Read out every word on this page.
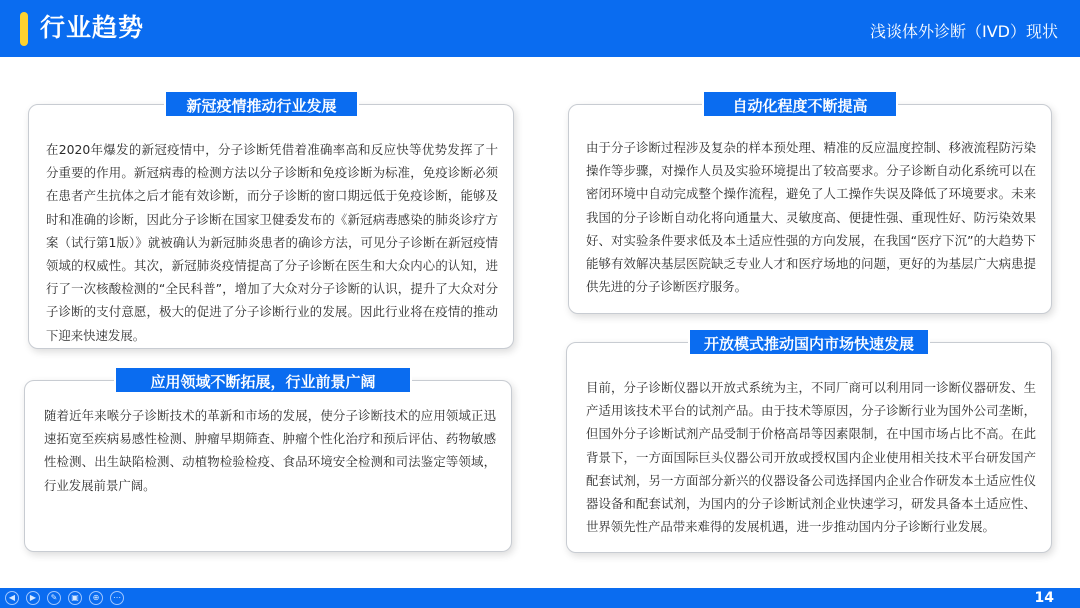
行业趋势	浅谈体外诊断（IVD）现状
在2020年爆发的新冠疫情中，分子诊断凭借着准确率高和反应快等优势发挥了十分重要的作用。新冠病毒的检测方法以分子诊断和免疫诊断为标准，免疫诊断必须在患者产生抗体之后才能有效诊断，而分子诊断的窗口期远低于免疫诊断，能够及时和准确的诊断，因此分子诊断在国家卫健委发布的《新冠病毒感染的肺炎诊疗方案（试行第1版）》就被确认为新冠肺炎患者的确诊方法，可见分子诊断在新冠疫情领域的权威性。其次，新冠肺炎疫情提高了分子诊断在医生和大众内心的认知，进行了一次核酸检测的“全民科普”，增加了大众对分子诊断的认识，提升了大众对分子诊断的支付意愿，极大的促进了分子诊断行业的发展。因此行业将在疫情的推动下迎来快速发展。
新冠疫情推动行业发展
由于分子诊断过程涉及复杂的样本预处理、精准的反应温度控制、移液流程防污染操作等步骤，对操作人员及实验环境提出了较高要求。分子诊断自动化系统可以在密闭环境中自动完成整个操作流程，避免了人工操作失误及降低了环境要求。未来我国的分子诊断自动化将向通量大、灵敏度高、便捷性强、重现性好、防污染效果好、对实验条件要求低及本土适应性强的方向发展，在我国“医疗下沉”的大趋势下能够有效解决基层医院缺乏专业人才和医疗场地的问题，更好的为基层广大病患提供先进的分子诊断医疗服务。
自动化程度不断提高
随着近年来喉分子诊断技术的革新和市场的发展，使分子诊断技术的应用领域正迅速拓宽至疾病易感性检测、肿瘤早期筛查、肿瘤个性化治疗和预后评估、药物敏感性检测、出生缺陷检测、动植物检验检疫、食品环境安全检测和司法鉴定等领域，行业发展前景广阔。
应用领域不断拓展，行业前景广阔	目前，分子诊断仪器以开放式系统为主，不同厂商可以利用同一诊断仪器研发、生产适用该技术平台的试剂产品。由于技术等原因，分子诊断行业为国外公司垄断，但国外分子诊断试剂产品受制于价格高昂等因素限制，在中国市场占比不高。在此背景下，一方面国际巨头仪器公司开放或授权国内企业使用相关技术平台研发国产配套试剂，另一方面部分新兴的仪器设备公司选择国内企业合作研发本土适应性仪器设备和配套试剂，为国内的分子诊断试剂企业快速学习，研发具备本土适应性、世界领先性产品带来难得的发展机遇，进一步推动国内分子诊断行业发展。
开放模式推动国内市场快速发展
◀	▶	✎	▣	⊕	⋯	14
